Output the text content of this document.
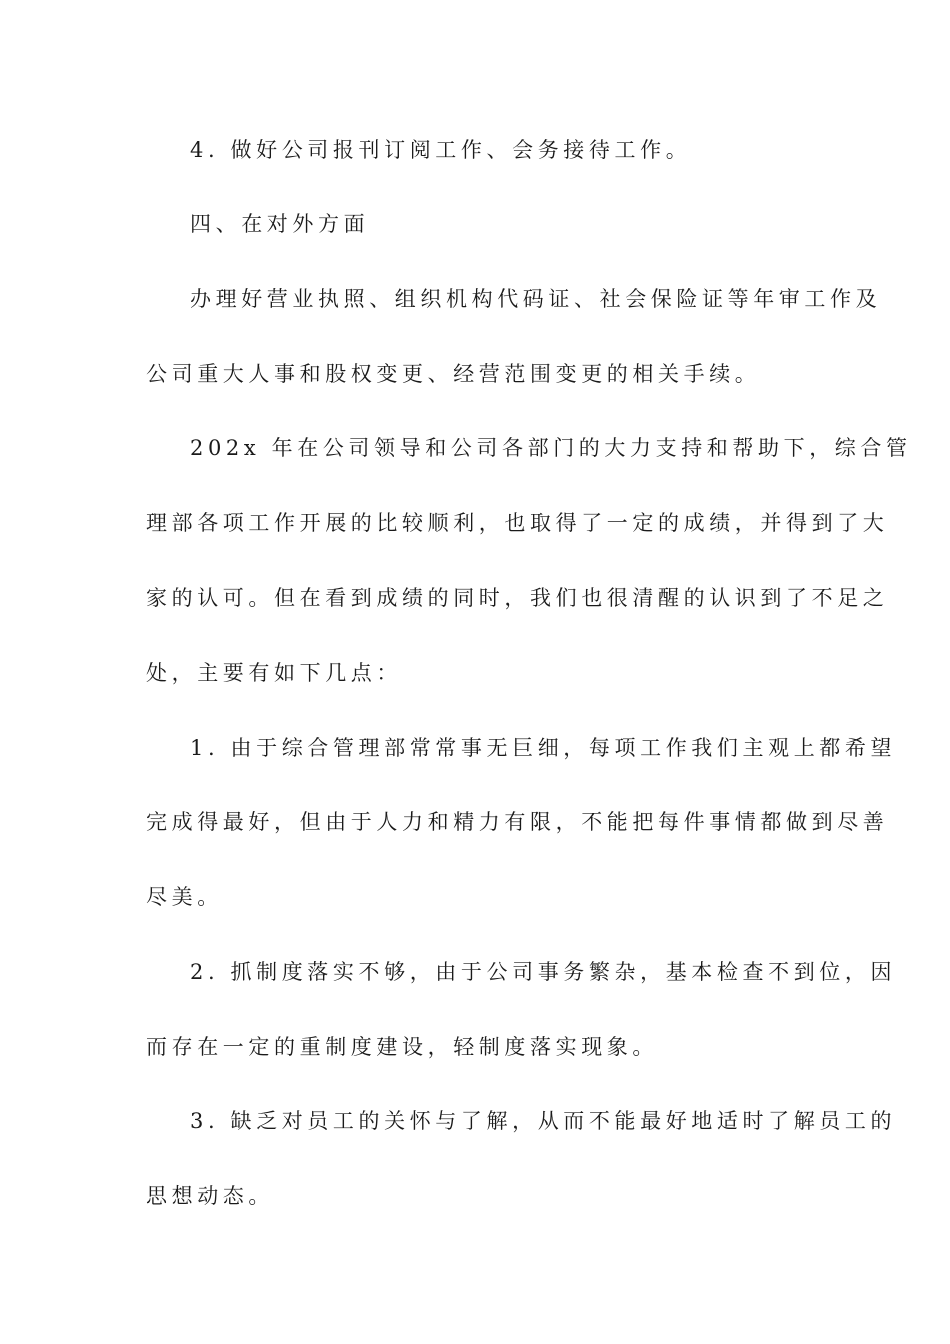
4. 做好公司报刊订阅工作、会务接待工作。
四、在对外方面
办理好营业执照、组织机构代码证、社会保险证等年审工作及
公司重大人事和股权变更、经营范围变更的相关手续。
202x 年在公司领导和公司各部门的大力支持和帮助下，综合管
理部各项工作开展的比较顺利，也取得了一定的成绩，并得到了大
家的认可。但在看到成绩的同时，我们也很清醒的认识到了不足之
处，主要有如下几点：
1. 由于综合管理部常常事无巨细，每项工作我们主观上都希望
完成得最好，但由于人力和精力有限，不能把每件事情都做到尽善
尽美。
2. 抓制度落实不够，由于公司事务繁杂，基本检查不到位，因
而存在一定的重制度建设，轻制度落实现象。
3. 缺乏对员工的关怀与了解，从而不能最好地适时了解员工的
思想动态。
